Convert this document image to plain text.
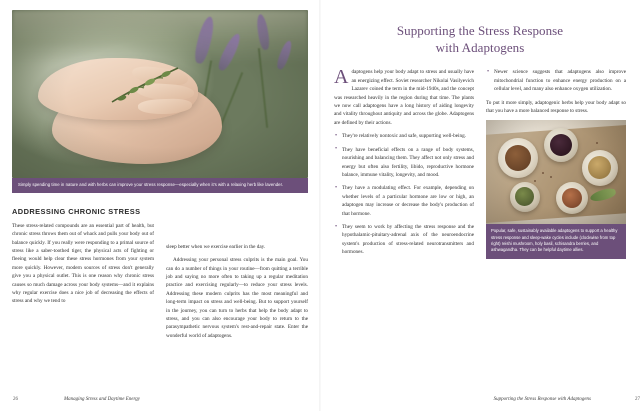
Simply spending time in nature and with herbs can improve your stress response—especially when it's with a relaxing herb like lavender.
ADDRESSING CHRONIC STRESS

These stress-related compounds are an essential part of health, but chronic stress throws them out of whack and pulls your body out of balance quickly. If you really were responding to a primal source of stress like a saber-toothed tiger, the physical acts of fighting or fleeing would help clear these stress hormones from your system more quickly. However, modern sources of stress don't generally give you a physical outlet. This is one reason why chronic stress causes so much damage across your body systems—and it explains why regular exercise does a nice job of decreasing the effects of stress and why we tend to

sleep better when we exercise earlier in the day.

Addressing your personal stress culprits is the main goal. You can do a number of things in your routine—from quitting a terrible job and saying no more often to taking up a regular meditation practice and exercising regularly—to reduce your stress levels. Addressing these modern culprits has the most meaningful and long-term impact on stress and well-being. But to support yourself in the journey, you can turn to herbs that help the body adapt to stress, and you can also encourage your body to return to the parasympathetic nervous system's rest-and-repair state. Enter the wonderful world of adaptogens.

26	Managing Stress and Daytime Energy
Supporting the Stress Response
with Adaptogens

A daptogens help your body adapt to stress and usually have an energizing effect. Soviet researcher Nikolai Vasilyevich Lazarev coined the term in the mid-1940s, and the concept was researched heavily in the region during that time. The plants we now call adaptogens have a long history of aiding longevity and vitality throughout antiquity and across the globe. Adaptogens are defined by their actions.

• They're relatively nontoxic and safe, supporting well-being.
• They have beneficial effects on a range of body systems, nourishing and balancing them. They affect not only stress and energy but often also fertility, libido, reproductive hormone balance, immune vitality, longevity, and mood.
• They have a modulating effect. For example, depending on whether levels of a particular hormone are low or high, an adaptogen may increase or decrease the body's production of that hormone.
• They seem to work by affecting the stress response and the hypothalamic-pituitary-adrenal axis of the neuroendocrine system's production of stress-related neurotransmitters and hormones.
• Newer science suggests that adaptogens also improve mitochondrial function to enhance energy production on a cellular level, and many also enhance oxygen utilization.

To put it more simply, adaptogenic herbs help your body adapt so that you have a more balanced response to stress.

Popular, safe, sustainably available adaptogens to support a healthy stress response and sleep-wake cycles include (clockwise from top right) reishi mushroom, holy basil, schisandra berries, and ashwagandha. They can be helpful daytime allies.
Supporting the Stress Response with Adaptogens	27
